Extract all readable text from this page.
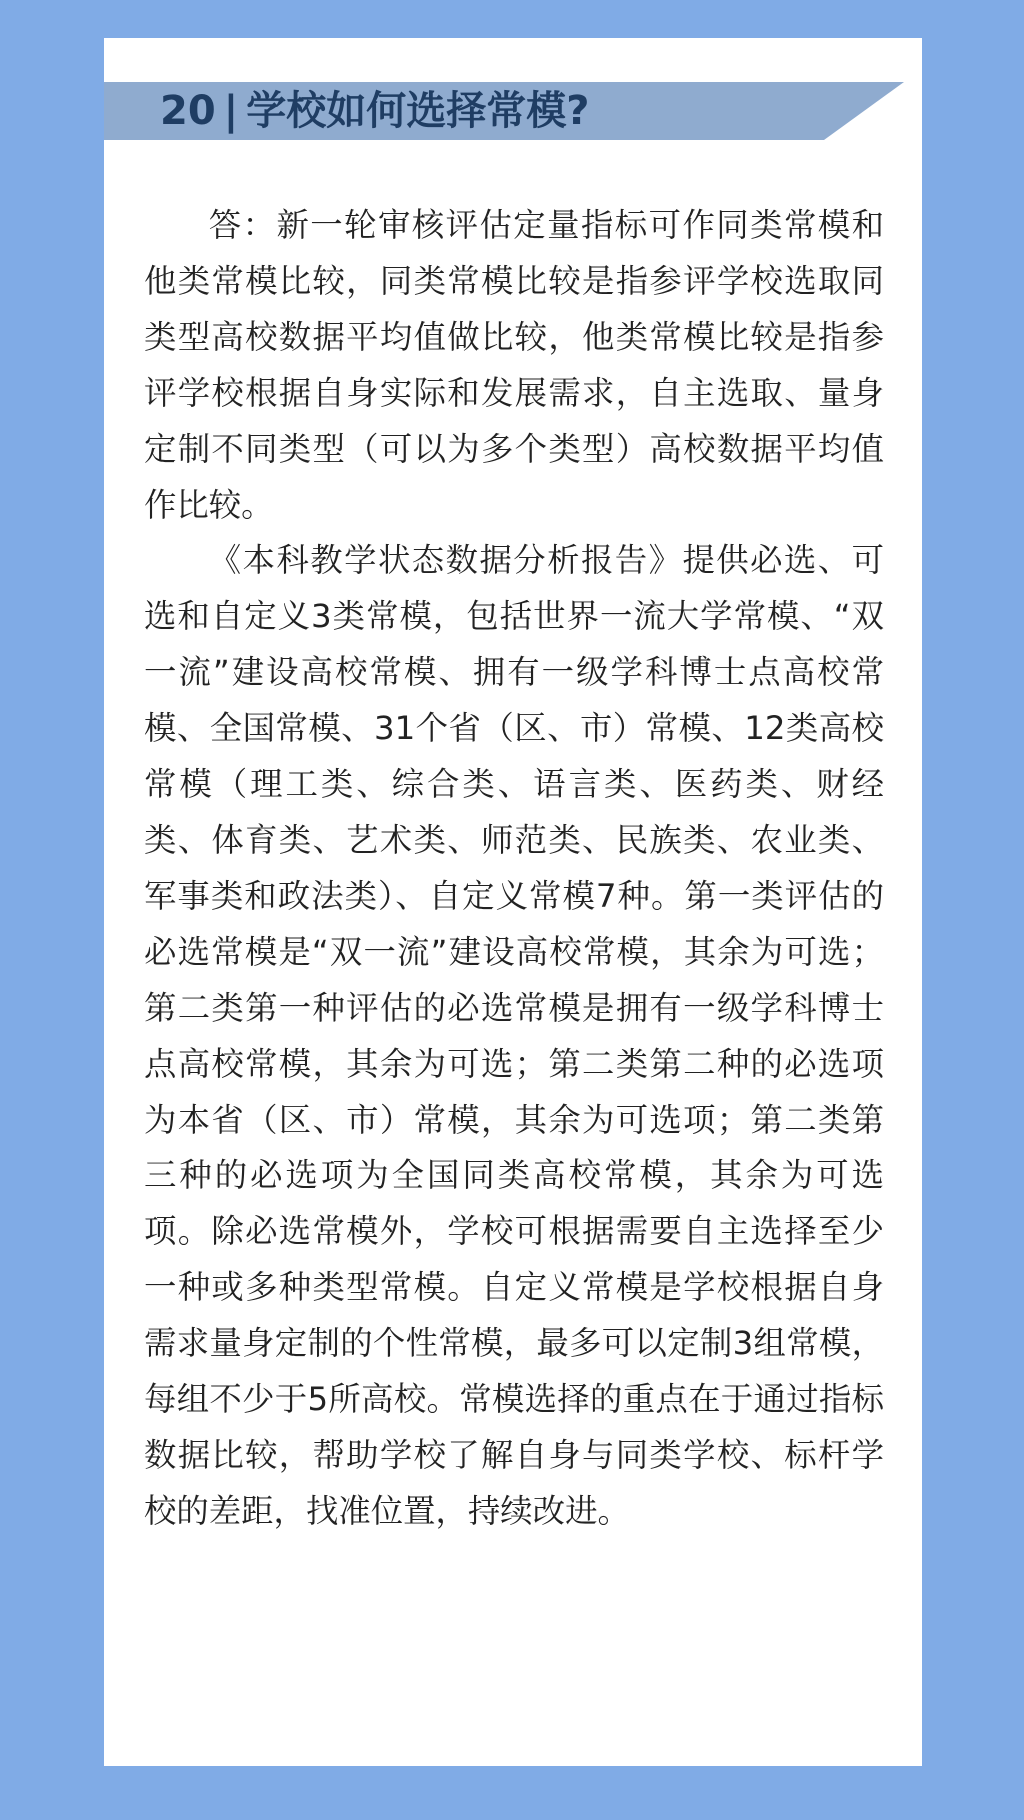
20 | 学校如何选择常模?

答：新一轮审核评估定量指标可作同类常模和他类常模比较，同类常模比较是指参评学校选取同类型高校数据平均值做比较，他类常模比较是指参评学校根据自身实际和发展需求，自主选取、量身定制不同类型（可以为多个类型）高校数据平均值作比较。

《本科教学状态数据分析报告》提供必选、可选和自定义3类常模，包括世界一流大学常模、“双一流”建设高校常模、拥有一级学科博士点高校常模、全国常模、31个省（区、市）常模、12类高校常模（理工类、综合类、语言类、医药类、财经类、体育类、艺术类、师范类、民族类、农业类、军事类和政法类）、自定义常模7种。第一类评估的必选常模是“双一流”建设高校常模，其余为可选；第二类第一种评估的必选常模是拥有一级学科博士点高校常模，其余为可选；第二类第二种的必选项为本省（区、市）常模，其余为可选项；第二类第三种的必选项为全国同类高校常模，其余为可选项。除必选常模外，学校可根据需要自主选择至少一种或多种类型常模。自定义常模是学校根据自身需求量身定制的个性常模，最多可以定制3组常模，每组不少于5所高校。常模选择的重点在于通过指标数据比较，帮助学校了解自身与同类学校、标杆学校的差距，找准位置，持续改进。
